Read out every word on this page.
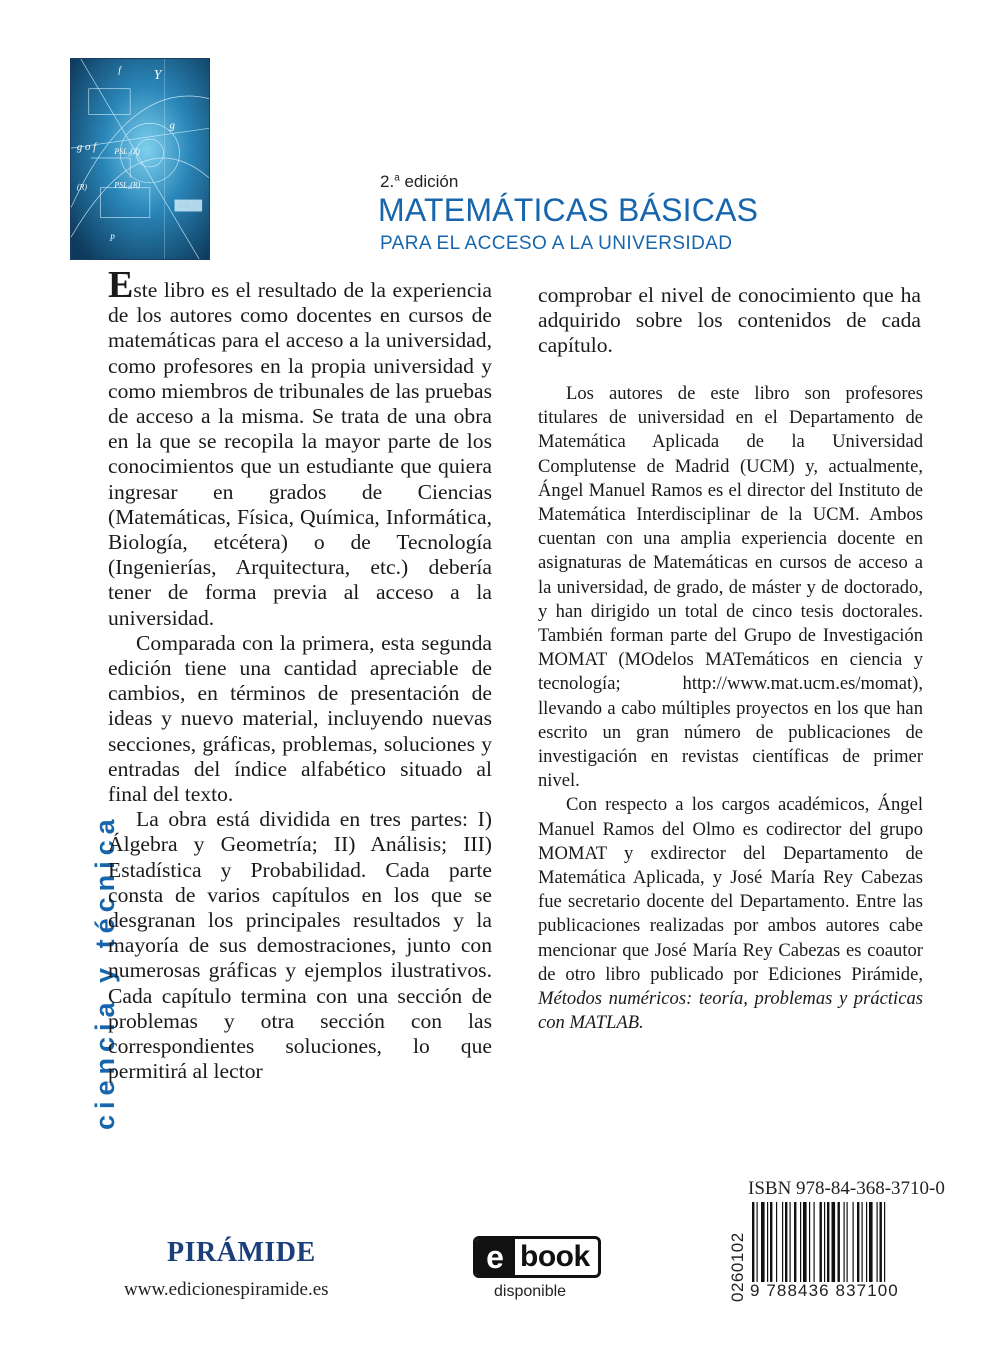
f Y
g o f PSL₂(Z)
(R)	PSL₂(R)
g
p
2.$^a$ edición
MATEMÁTICAS BÁSICAS
PARA EL ACCESO A LA UNIVERSIDAD
ciencia y técnica

Este libro es el resultado de la experiencia de los autores como docentes en cursos de matemáticas para el acceso a la universidad, como profesores en la propia universidad y como miembros de tribunales de las pruebas de acceso a la misma. Se trata de una obra en la que se recopila la mayor parte de los conocimientos que un estudiante que quiera ingresar en grados de Ciencias (Matemáticas, Física, Química, Informática, Biología, etcétera) o de Tecnología (Ingenierías, Arquitectura, etc.) debería tener de forma previa al acceso a la universidad.

Comparada con la primera, esta segunda edición tiene una cantidad apreciable de cambios, en términos de presentación de ideas y nuevo material, incluyendo nuevas secciones, gráficas, problemas, soluciones y entradas del índice alfabético situado al final del texto.

La obra está dividida en tres partes: I) Álgebra y Geometría; II) Análisis; III) Estadística y Probabilidad. Cada parte consta de varios capítulos en los que se desgranan los principales resultados y la mayoría de sus demostraciones, junto con numerosas gráficas y ejemplos ilustrativos. Cada capítulo termina con una sección de problemas y otra sección con las correspondientes soluciones, lo que permitirá al lector

comprobar el nivel de conocimiento que ha adquirido sobre los contenidos de cada capítulo.

Los autores de este libro son profesores titulares de universidad en el Departamento de Matemática Aplicada de la Universidad Complutense de Madrid (UCM) y, actualmente, Ángel Manuel Ramos es el director del Instituto de Matemática Interdisciplinar de la UCM. Ambos cuentan con una amplia experiencia docente en asignaturas de Matemáticas en cursos de acceso a la universidad, de grado, de máster y de doctorado, y han dirigido un total de cinco tesis doctorales. También forman parte del Grupo de Investigación MOMAT (MOdelos MATemáticos en ciencia y tecnología; http://www.mat.ucm.es/momat), llevando a cabo múltiples proyectos en los que han escrito un gran número de publicaciones de investigación en revistas científicas de primer nivel.

Con respecto a los cargos académicos, Ángel Manuel Ramos del Olmo es codirector del grupo MOMAT y exdirector del Departamento de Matemática Aplicada, y José María Rey Cabezas fue secretario docente del Departamento. Entre las publicaciones realizadas por ambos autores cabe mencionar que José María Rey Cabezas es coautor de otro libro publicado por Ediciones Pirámide, Métodos numéricos: teoría, problemas y prácticas con MATLAB.

PIRÁMIDE
www.edicionespiramide.es
e book
disponible
ISBN 978-84-368-3710-0
0260102 9 788436 837100
